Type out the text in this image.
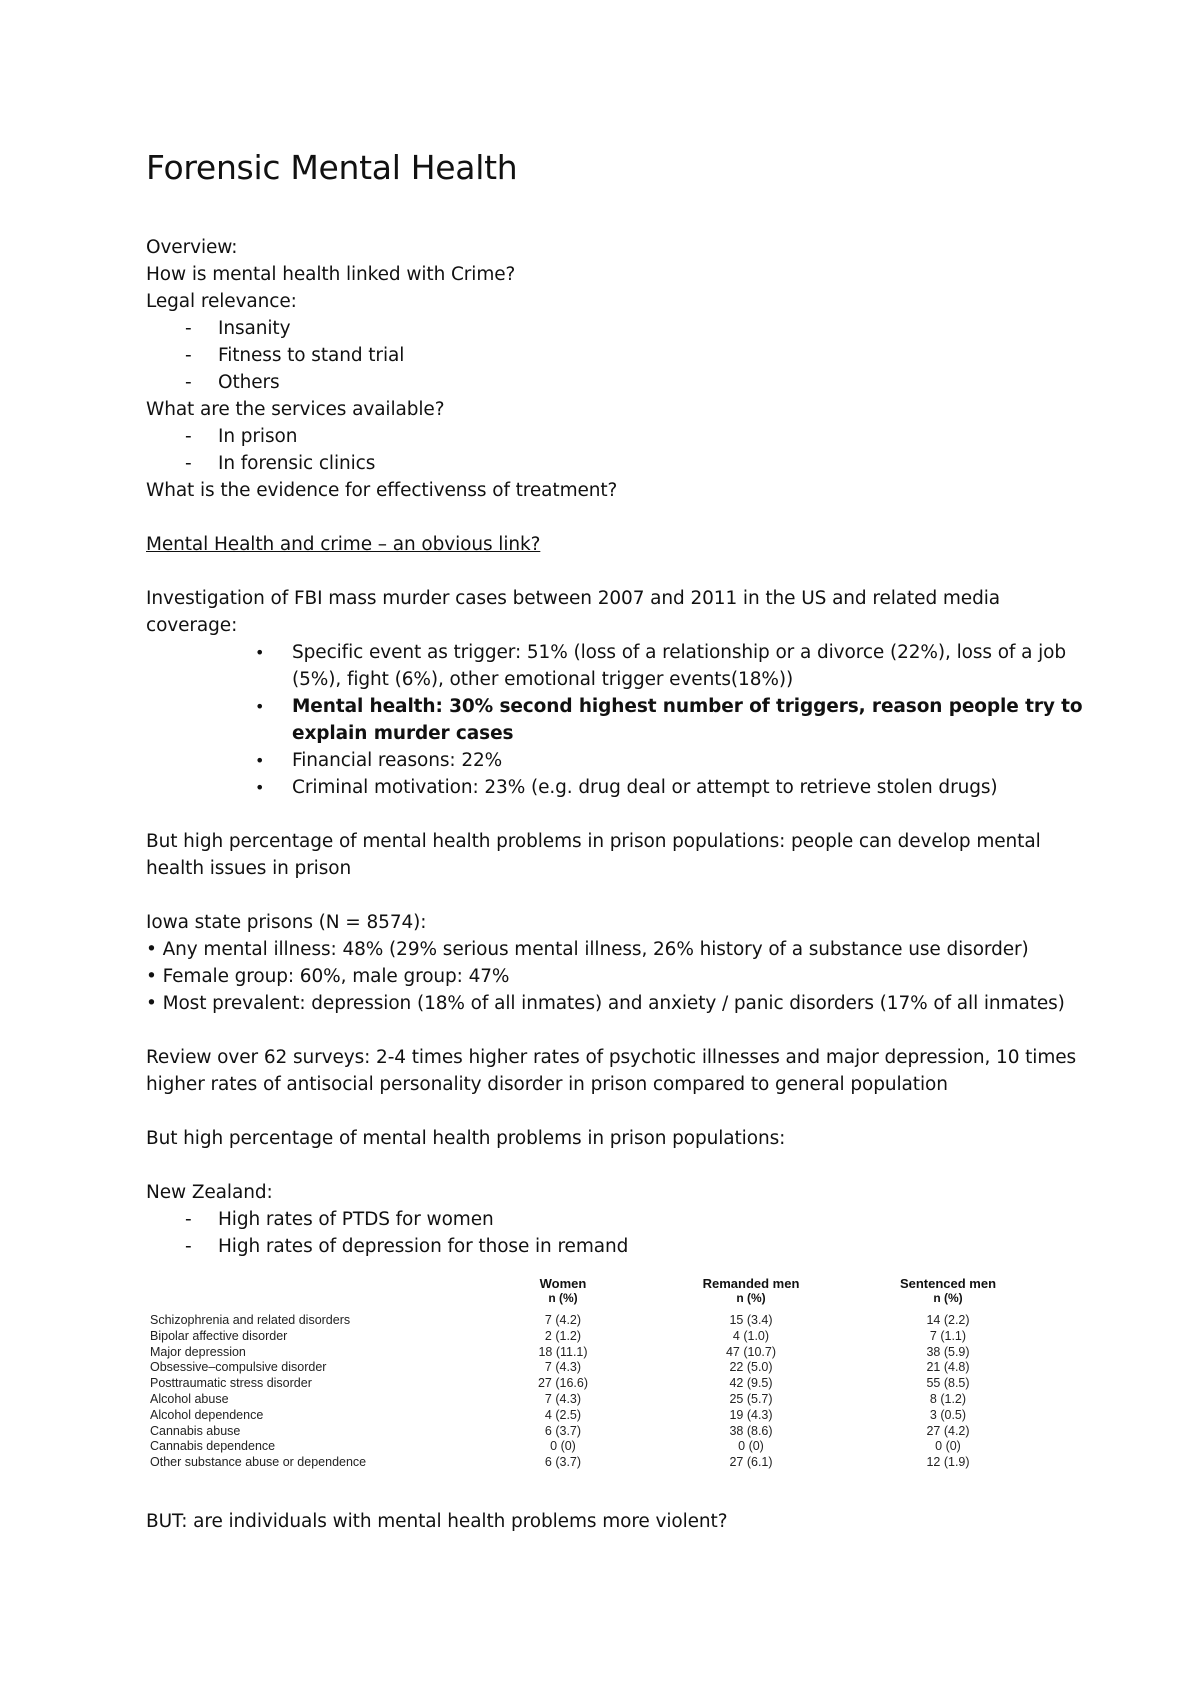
Forensic Mental Health
Overview:
How is mental health linked with Crime?
Legal relevance:
- Insanity
- Fitness to stand trial
- Others
What are the services available?
- In prison
- In forensic clinics
What is the evidence for effectivenss of treatment?
Mental Health and crime – an obvious link?
Investigation of FBI mass murder cases between 2007 and 2011 in the US and related media
coverage:
• Specific event as trigger: 51% (loss of a relationship or a divorce (22%), loss of a job
(5%), fight (6%), other emotional trigger events(18%))
• Mental health: 30% second highest number of triggers, reason people try to
explain murder cases
• Financial reasons: 22%
• Criminal motivation: 23% (e.g. drug deal or attempt to retrieve stolen drugs)
But high percentage of mental health problems in prison populations: people can develop mental
health issues in prison
Iowa state prisons (N = 8574):
• Any mental illness: 48% (29% serious mental illness, 26% history of a substance use disorder)
• Female group: 60%, male group: 47%
• Most prevalent: depression (18% of all inmates) and anxiety / panic disorders (17% of all inmates)
Review over 62 surveys: 2-4 times higher rates of psychotic illnesses and major depression, 10 times
higher rates of antisocial personality disorder in prison compared to general population
But high percentage of mental health problems in prison populations:
New Zealand:
- High rates of PTDS for women
- High rates of depression for those in remand
Women	Remanded men	Sentenced men
n (%)	n (%)	n (%)
Schizophrenia and related disorders	7 (4.2)	15 (3.4)	14 (2.2)
Bipolar affective disorder	2 (1.2)	4 (1.0)	7 (1.1)
Major depression	18 (11.1)	47 (10.7)	38 (5.9)
Obsessive–compulsive disorder	7 (4.3)	22 (5.0)	21 (4.8)
Posttraumatic stress disorder	27 (16.6)	42 (9.5)	55 (8.5)
Alcohol abuse	7 (4.3)	25 (5.7)	8 (1.2)
Alcohol dependence	4 (2.5)	19 (4.3)	3 (0.5)
Cannabis abuse	6 (3.7)	38 (8.6)	27 (4.2)
Cannabis dependence	0 (0)	0 (0)	0 (0)
Other substance abuse or dependence	6 (3.7)	27 (6.1)	12 (1.9)
BUT: are individuals with mental health problems more violent?
